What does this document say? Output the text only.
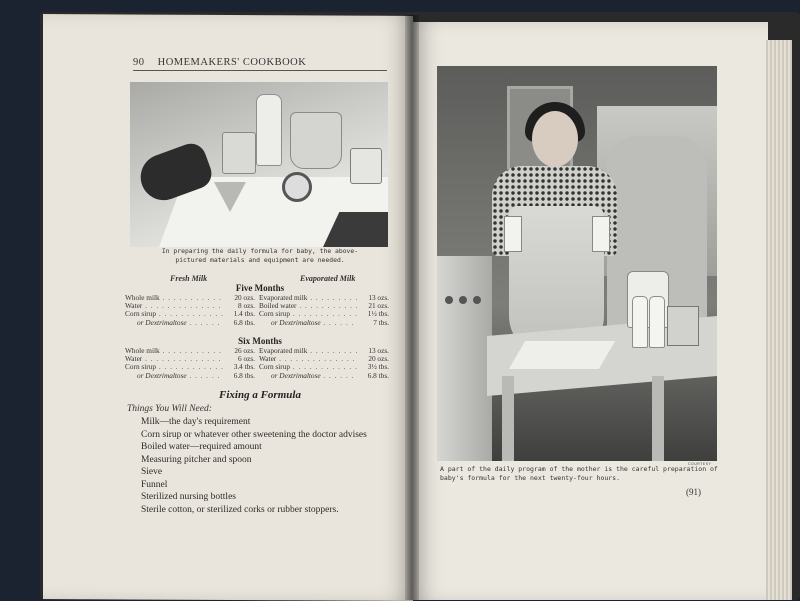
90 HOMEMAKERS' COOKBOOK
In preparing the daily formula for baby, the above-pictured materials and equipment are needed.
Fresh Milk	Evaporated Milk
Five Months
Whole milk . . .	20 ozs. Evaporated milk . . .	13 ozs.
Water . . .	8 ozs. Boiled water . . .	21 ozs.
Corn sirup . . .	1.4 tbs. Corn sirup . . .	1½ tbs.
or Dextrimaltose . . .	6.8 tbs.	or Dextrimaltose . . .	7 tbs.
Six Months
Whole milk . . .	26 ozs. Evaporated milk . . .	13 ozs.
Water . . .	6 ozs. Water . . .	20 ozs.
Corn sirup . . .	3.4 tbs. Corn sirup . . .	3½ tbs.
or Dextrimaltose . . .	6.8 tbs.	or Dextrimaltose . . .	6.8 tbs.
Fixing a Formula
Things You Will Need:
Milk—the day's requirement
Corn sirup or whatever other sweetening the doctor advises
Boiled water—required amount
Measuring pitcher and spoon
Sieve
Funnel
Sterilized nursing bottles
Sterile cotton, or sterilized corks or rubber stoppers.
COURTESY
A part of the daily program of the mother is the careful preparation of baby's formula for the next twenty-four hours.
(91)
